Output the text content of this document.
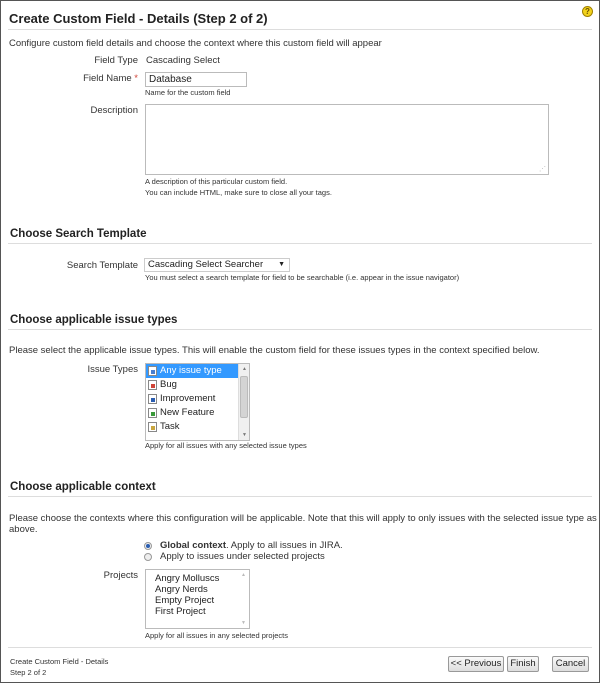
Create Custom Field - Details (Step 2 of 2)	?
Configure custom field details and choose the context where this custom field will appear
Field Type Cascading Select
Field Name *	Database
Name for the custom field
Description
⋰
A description of this particular custom field.
You can include HTML, make sure to close all your tags.
Choose Search Template
Search Template	Cascading Select Searcher ▼
You must select a search template for field to be searchable (i.e. appear in the issue navigator)
Choose applicable issue types
Please select the applicable issue types. This will enable the custom field for these issues types in the context specified below.
Issue Types Any issue type
Bug
Improvement
New Feature
Task
▲
▼
Apply for all issues with any selected issue types
Choose applicable context
Please choose the contexts where this configuration will be applicable. Note that this will apply to only issues with the selected issue type as
above.
Global context. Apply to all issues in JIRA.
Apply to issues under selected projects
Projects Angry Molluscs
Angry Nerds
Empty Project
First Project
▲
▼
Apply for all issues in any selected projects
Create Custom Field - Details
Step 2 of 2
<< Previous Finish	Cancel
